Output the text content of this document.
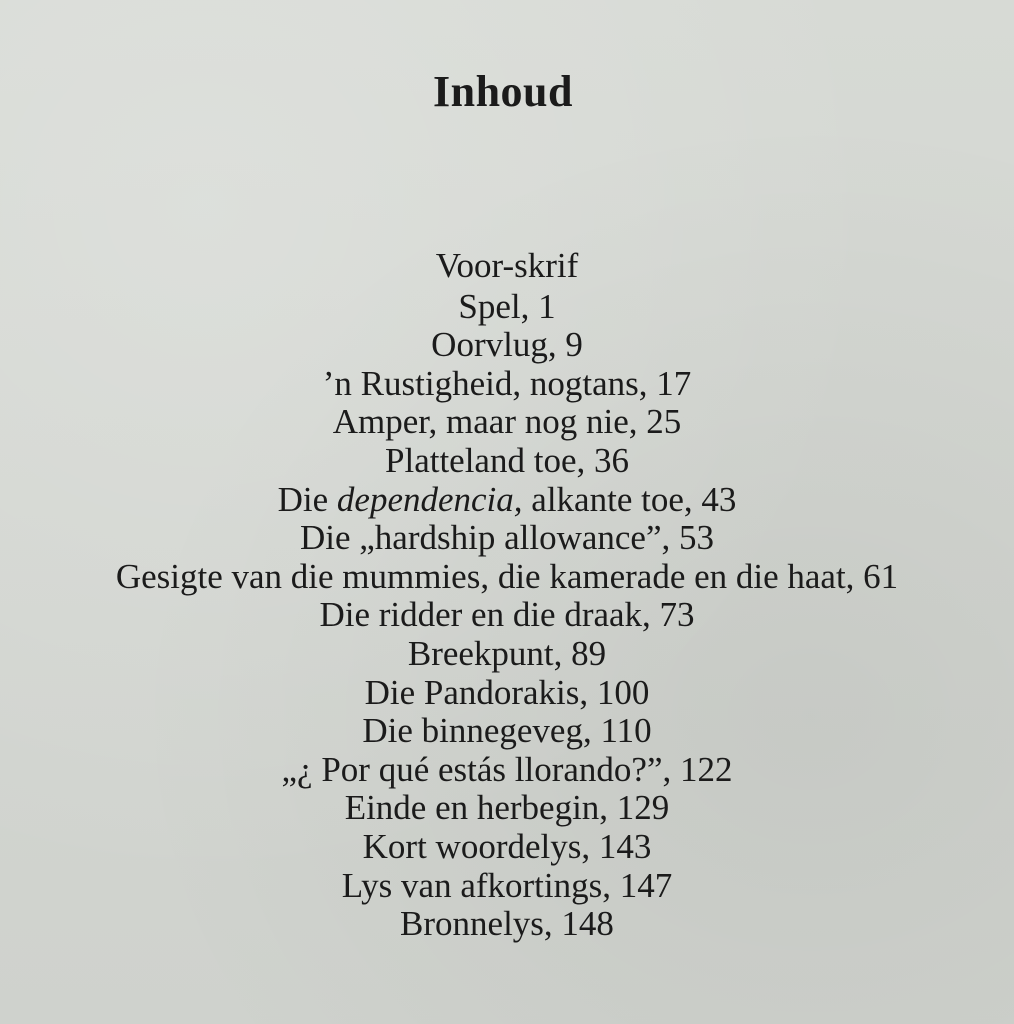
Inhoud
Voor-skrif
Spel, 1
Oorvlug, 9
’n Rustigheid, nogtans, 17
Amper, maar nog nie, 25
Platteland toe, 36
Die dependencia, alkante toe, 43
Die „hardship allowance”, 53
Gesigte van die mummies, die kamerade en die haat, 61
Die ridder en die draak, 73
Breekpunt, 89
Die Pandorakis, 100
Die binnegeveg, 110
„¿ Por qué estás llorando?”, 122
Einde en herbegin, 129
Kort woordelys, 143
Lys van afkortings, 147
Bronnelys, 148
